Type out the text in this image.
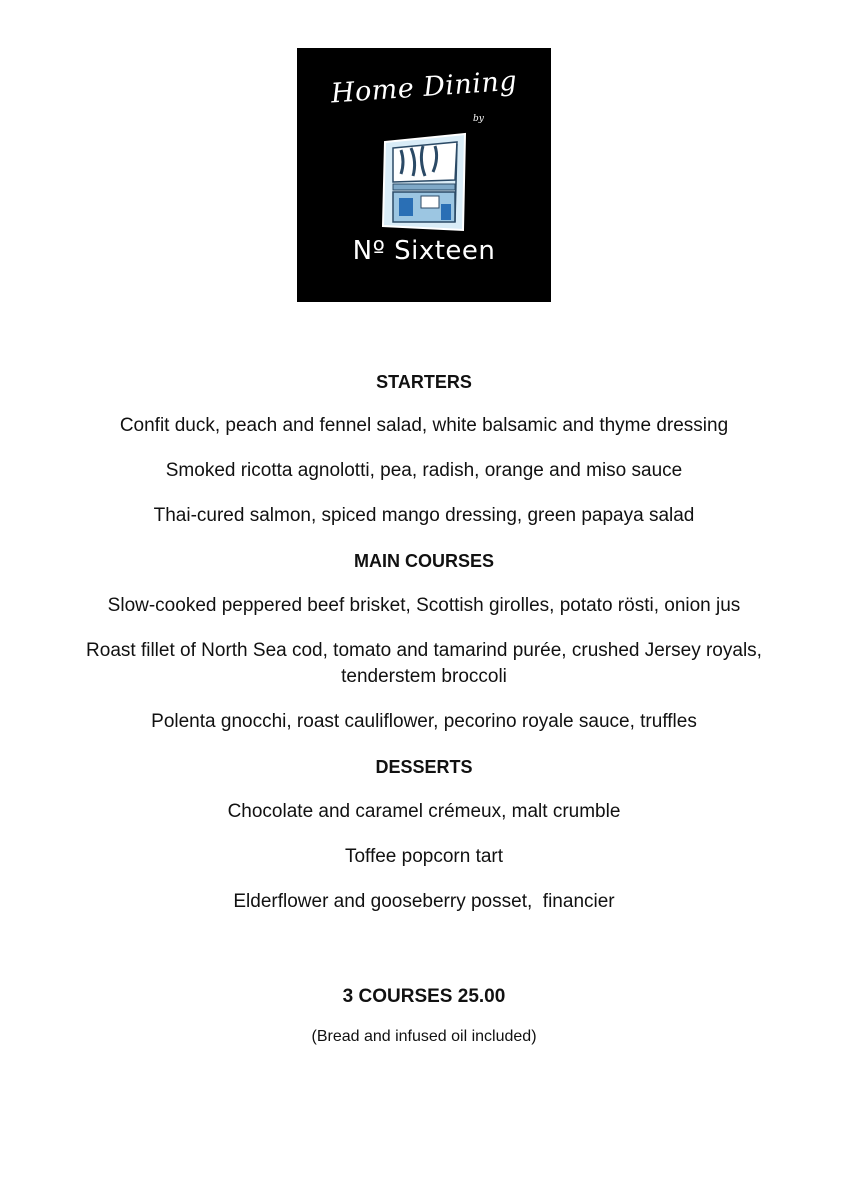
Home Dining
by
Nº Sixteen
STARTERS

Confit duck, peach and fennel salad, white balsamic and thyme dressing

Smoked ricotta agnolotti, pea, radish, orange and miso sauce

Thai-cured salmon, spiced mango dressing, green papaya salad

MAIN COURSES

Slow-cooked peppered beef brisket, Scottish girolles, potato rösti, onion jus

Roast fillet of North Sea cod, tomato and tamarind purée, crushed Jersey royals, tenderstem broccoli

Polenta gnocchi, roast cauliflower, pecorino royale sauce, truffles

DESSERTS

Chocolate and caramel crémeux, malt crumble

Toffee popcorn tart

Elderflower and gooseberry posset,  financier

3 COURSES 25.00
(Bread and infused oil included)
